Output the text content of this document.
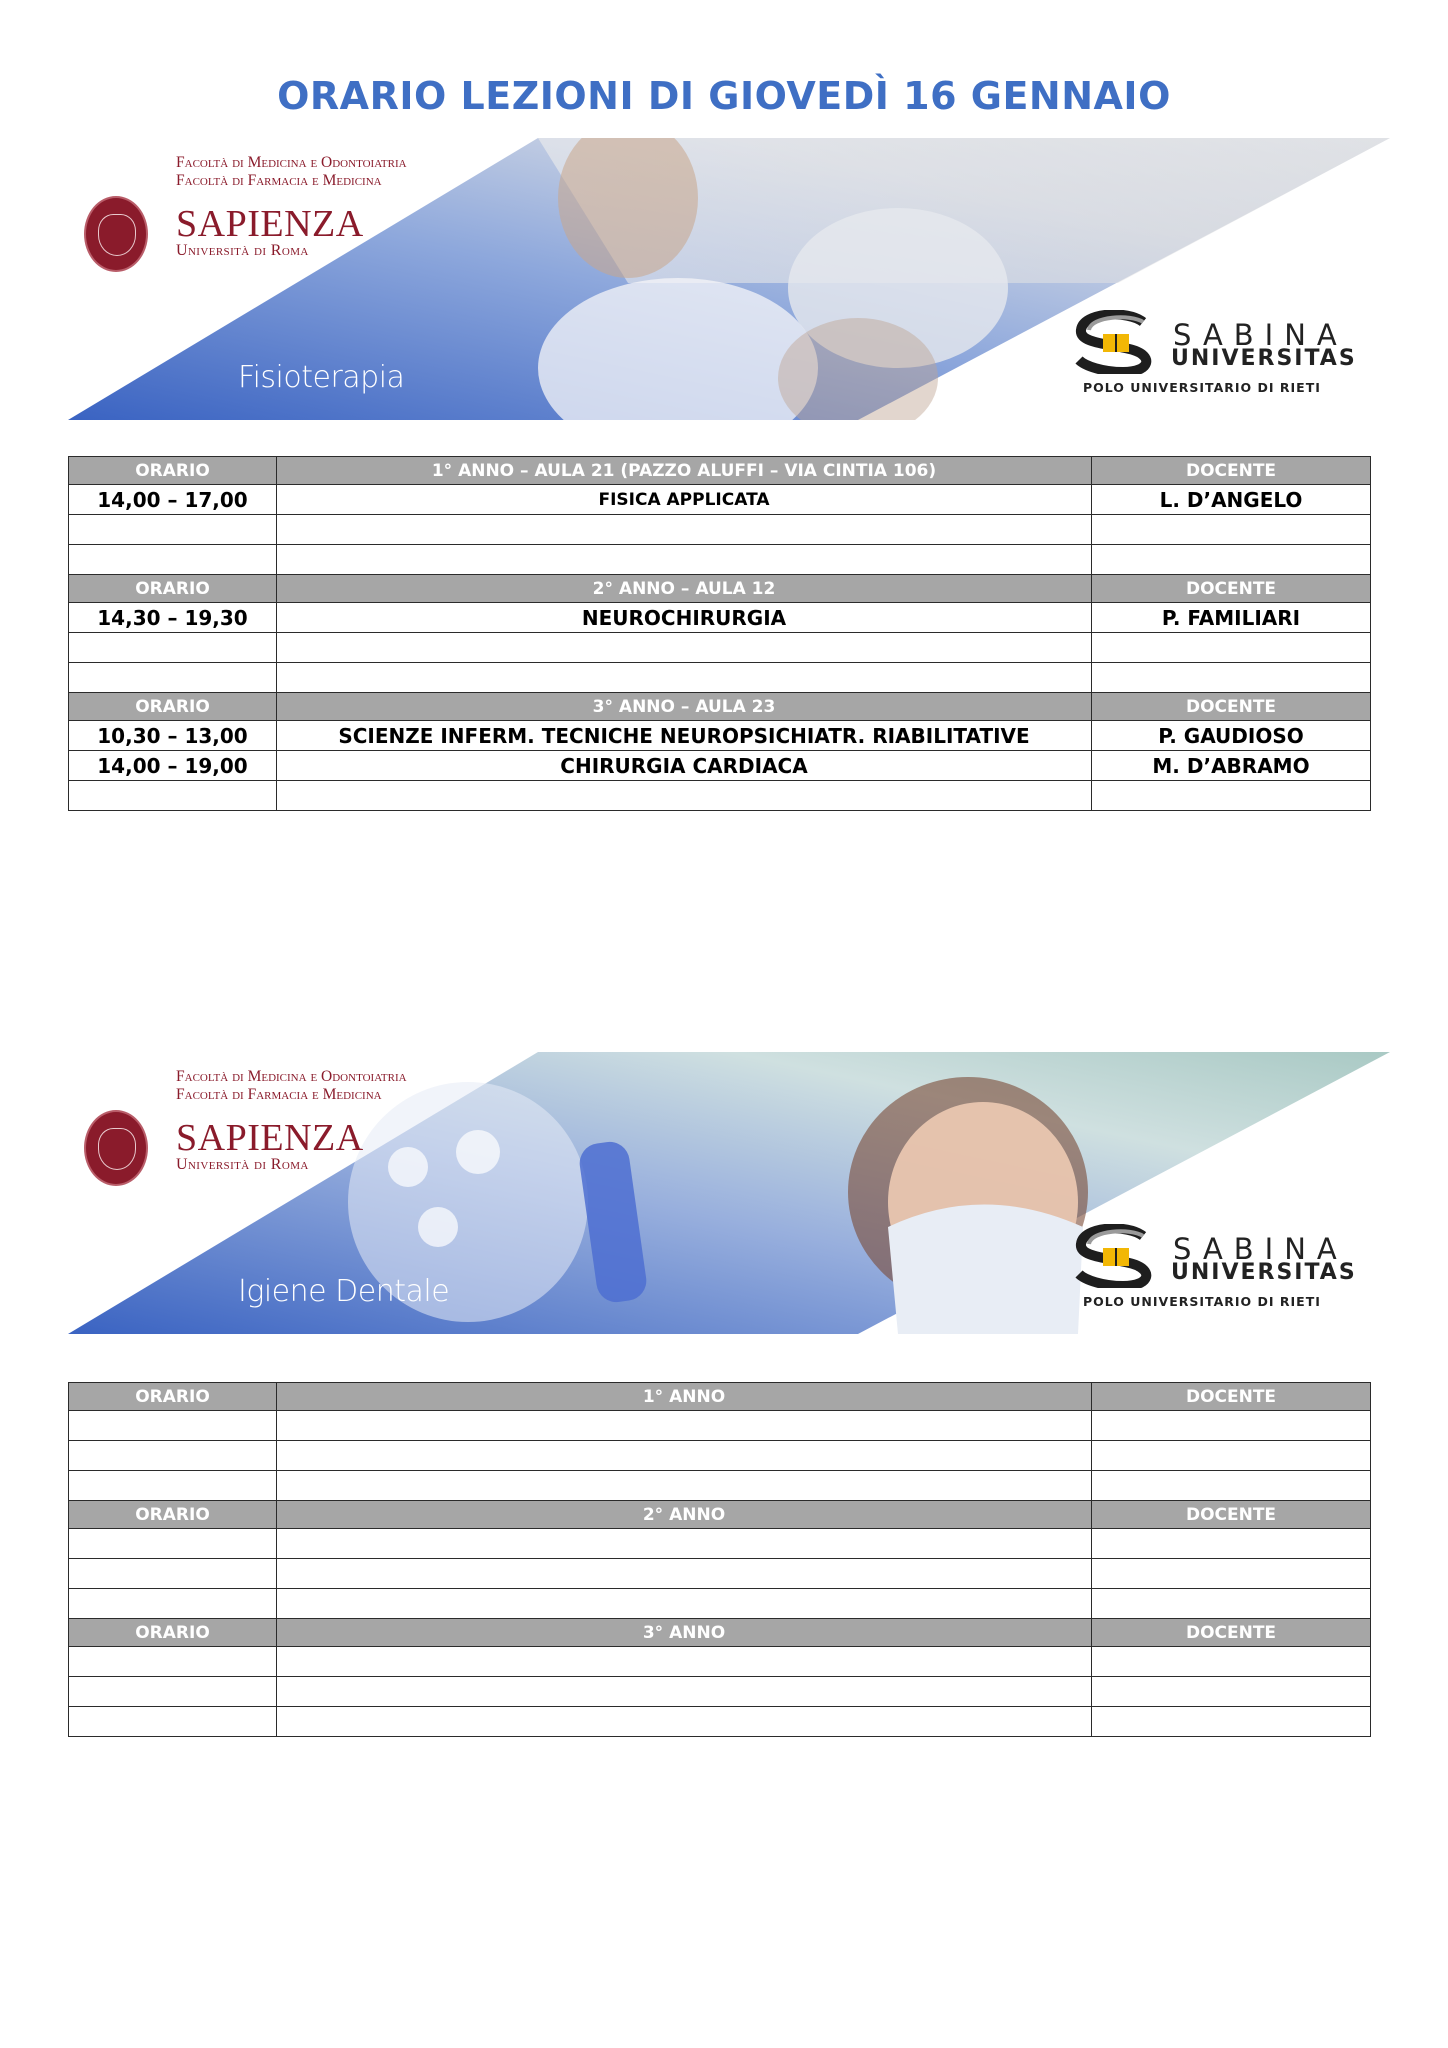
ORARIO LEZIONI DI GIOVEDÌ 16 GENNAIO
Facoltà di Medicina e Odontoiatria
Facoltà di Farmacia e Medicina
SAPIENZA
Università di Roma
Fisioterapia
SABINA
UNIVERSITAS
POLO UNIVERSITARIO DI RIETI
ORARIO	1° ANNO – AULA 21 (PAZZO ALUFFI – VIA CINTIA 106)	DOCENTE
14,00 – 17,00	FISICA APPLICATA	L. D’ANGELO

ORARIO	2° ANNO – AULA 12	DOCENTE
14,30 – 19,30	NEUROCHIRURGIA	P. FAMILIARI

ORARIO	3° ANNO – AULA 23	DOCENTE
10,30 – 13,00	SCIENZE INFERM. TECNICHE NEUROPSICHIATR. RIABILITATIVE	P. GAUDIOSO
14,00 – 19,00	CHIRURGIA CARDIACA	M. D’ABRAMO

Facoltà di Medicina e Odontoiatria
Facoltà di Farmacia e Medicina
SAPIENZA
Università di Roma
Igiene Dentale
SABINA
UNIVERSITAS
POLO UNIVERSITARIO DI RIETI
ORARIO	1° ANNO	DOCENTE

ORARIO	2° ANNO	DOCENTE

ORARIO	3° ANNO	DOCENTE
